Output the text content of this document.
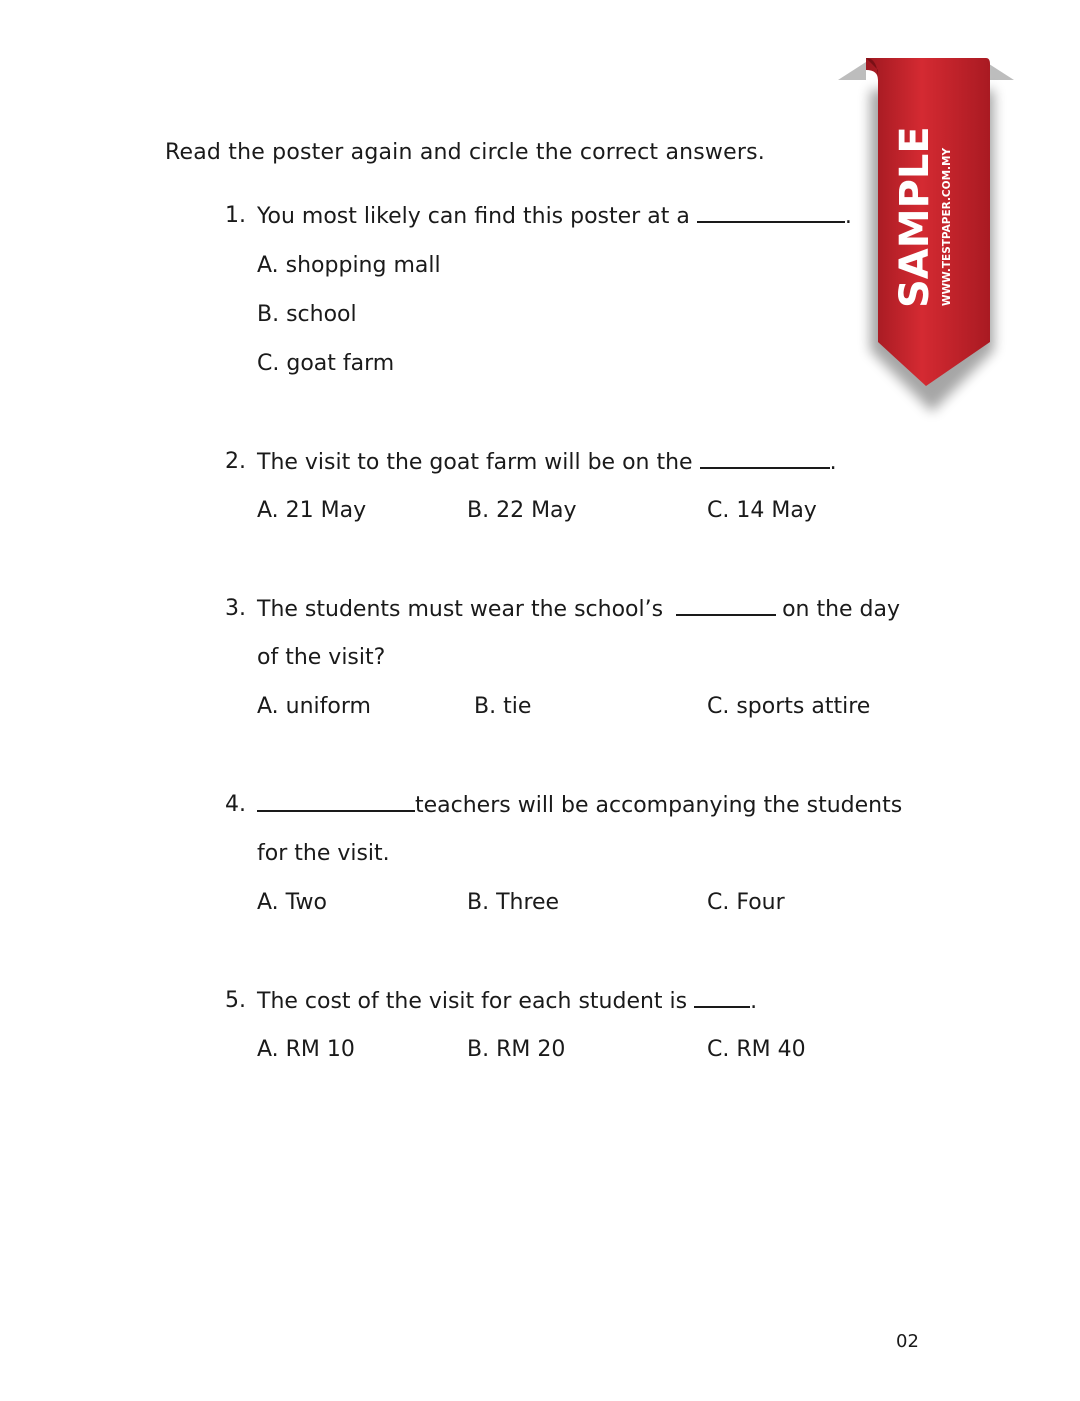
Read the poster again and circle the correct answers.
1. You most likely can find this poster at a	.
A. shopping mall
B. school
C. goat farm
2. The visit to the goat farm will be on the	.
A. 21 May	B. 22 May	C. 14 May
3. The students must wear the school’s	on the day
of the visit?
A. uniform	B. tie	C. sports attire
4.	teachers will be accompanying the students
for the visit.
A. Two	B. Three	C. Four
5. The cost of the visit for each student is	.
A. RM 10	B. RM 20	C. RM 40
02
SAMPLE WWW.TESTPAPER.COM.MY
